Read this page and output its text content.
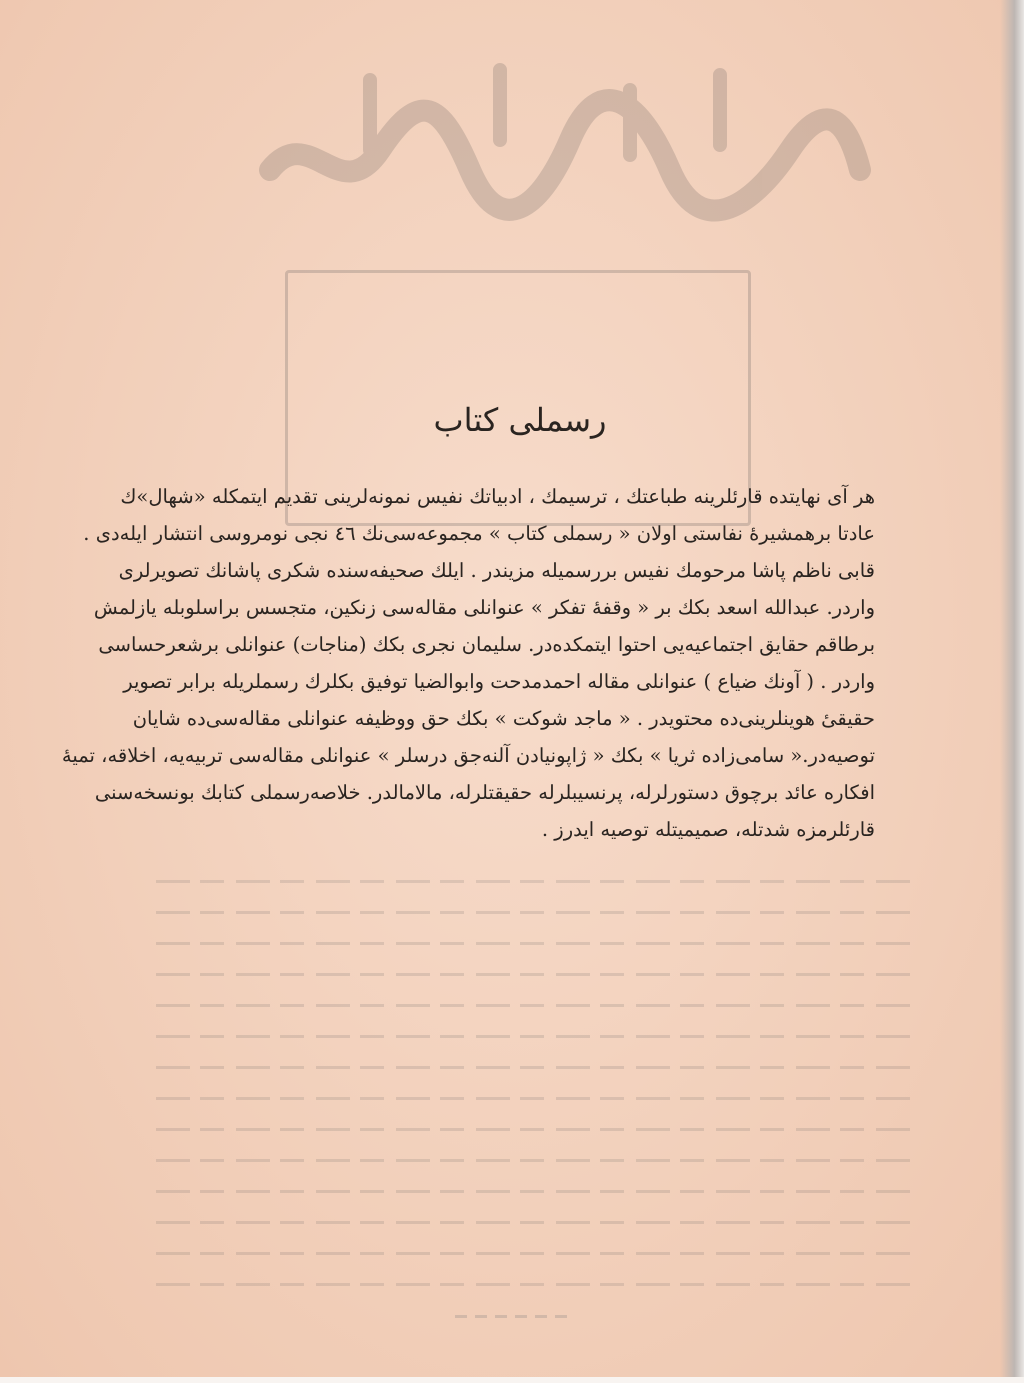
رسملی کتاب
هر آی نهایتده قارئلرینه طباعتك ، ترسیمك ، ادبیاتك نفیس نمونه‌لرینی تقدیم ایتمکله «شهال»ك
عادتا برهمشیرهٔ نفاستی اولان « رسملی کتاب » مجموعه‌سی‌نك ٤٦ نجی نومروسی انتشار ایله‌دی .
قابی ناظم پاشا مرحومك نفیس بررسمیله مزیندر . ایلك صحیفه‌سنده شکری پاشانك تصویرلری
واردر. عبدالله اسعد بکك بر « وقفهٔ تفکر » عنوانلی مقاله‌سی زنکین، متجسس براسلوبله یازلمش
برطاقم حقایق اجتماعیه‌یی احتوا ایتمکده‌در. سلیمان نجری بکك (مناجات) عنوانلی برشعرحساسی
واردر . ( آونك ضیاع ) عنوانلی مقاله احمدمدحت وابوالضیا توفیق بکلرك رسملریله برابر تصویر
حقیقیٔ هوینلرینی‌ده محتویدر . « ماجد شوکت » بکك حق ووظیفه عنوانلی مقاله‌سی‌ده شایان
توصیه‌در.« سامی‌زاده ثریا » بکك « ژاپونیادن آلنه‌جق درسلر » عنوانلی مقاله‌سی تربیه‌یه، اخلاقه، تمیهٔ
افکاره عائد برچوق دستورلرله، پرنسیبلرله حقیقتلرله، مالامالدر. خلاصه‌رسملی کتابك بونسخه‌سنی
قارئلرمزه شدتله، صمیمیتله توصیه ایدرز .
